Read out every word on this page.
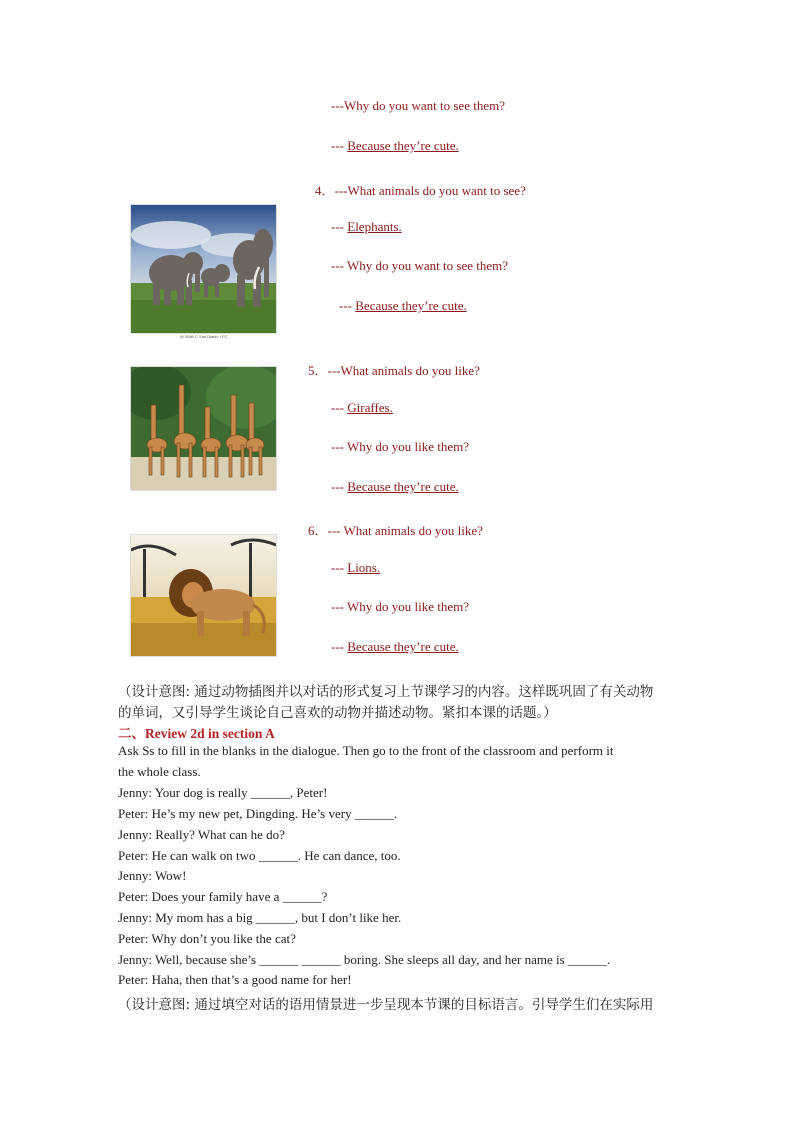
---Why do you want to see them?
--- Because they’re cute.
4．---What animals do you want to see?
--- Elephants.
--- Why do you want to see them?
--- Because they’re cute.
W 3086 C San Diablo • FC
5．---What animals do you like?
--- Giraffes.
--- Why do you like them?
--- Because they’re cute.
6．--- What animals do you like?
--- Lions.
--- Why do you like them?
--- Because they’re cute.
（设计意图: 通过动物插图并以对话的形式复习上节课学习的内容。这样既巩固了有关动物
的单词，又引导学生谈论自己喜欢的动物并描述动物。紧扣本课的话题。）
二、Review 2d in section A
Ask Ss to fill in the blanks in the dialogue. Then go to the front of the classroom and perform it
the whole class.
Jenny: Your dog is really ______, Peter!
Peter: He’s my new pet, Dingding. He’s very ______.
Jenny: Really? What can he do?
Peter: He can walk on two ______. He can dance, too.
Jenny: Wow!
Peter: Does your family have a ______?
Jenny: My mom has a big ______, but I don’t like her.
Peter: Why don’t you like the cat?
Jenny: Well, because she’s ______ ______ boring. She sleeps all day, and her name is ______.
Peter: Haha, then that’s a good name for her!
（设计意图: 通过填空对话的语用情景进一步呈现本节课的目标语言。引导学生们在实际用
